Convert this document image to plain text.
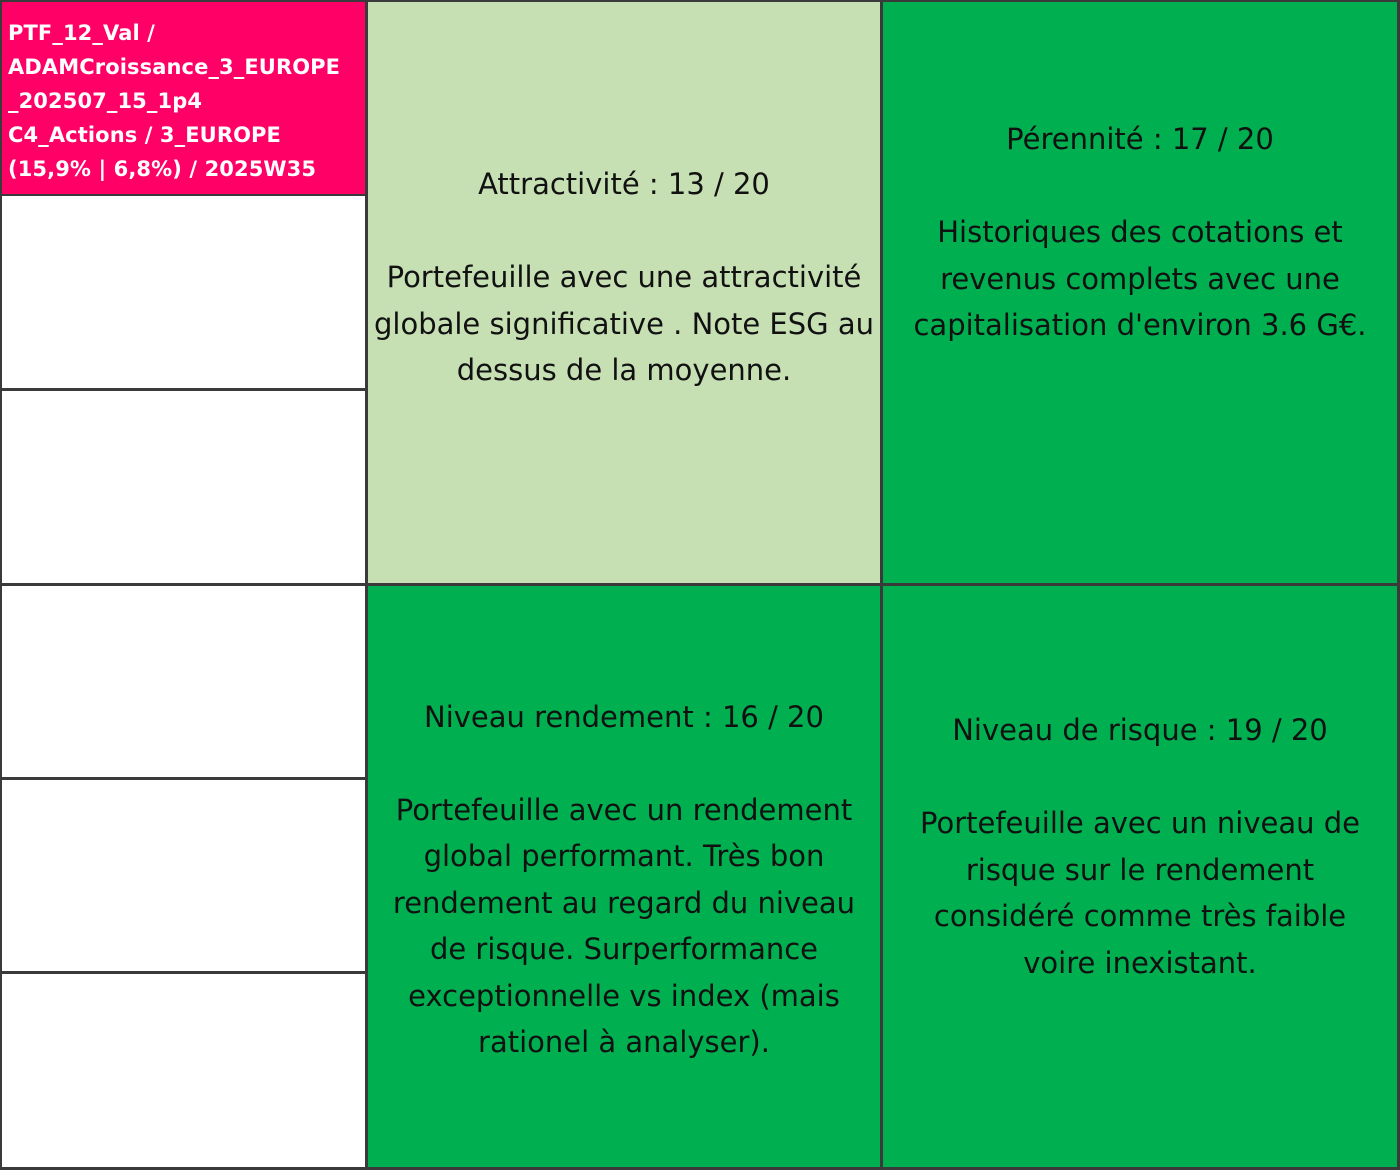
PTF_12_Val /
ADAMCroissance_3_EUROPE
_202507_15_1p4
C4_Actions / 3_EUROPE
(15,9% | 6,8%) / 2025W35	Attractivité : 13 / 20
Portefeuille avec une attractivité globale significative . Note ESG au dessus de la moyenne.
Pérennité : 17 / 20
Historiques des cotations et revenus complets avec une capitalisation d'environ 3.6 G€.
Niveau rendement : 16 / 20
Portefeuille avec un rendement global performant. Très bon rendement au regard du niveau de risque. Surperformance exceptionnelle vs index (mais rationel à analyser).
Niveau de risque : 19 / 20
Portefeuille avec un niveau de risque sur le rendement considéré comme très faible voire inexistant.
